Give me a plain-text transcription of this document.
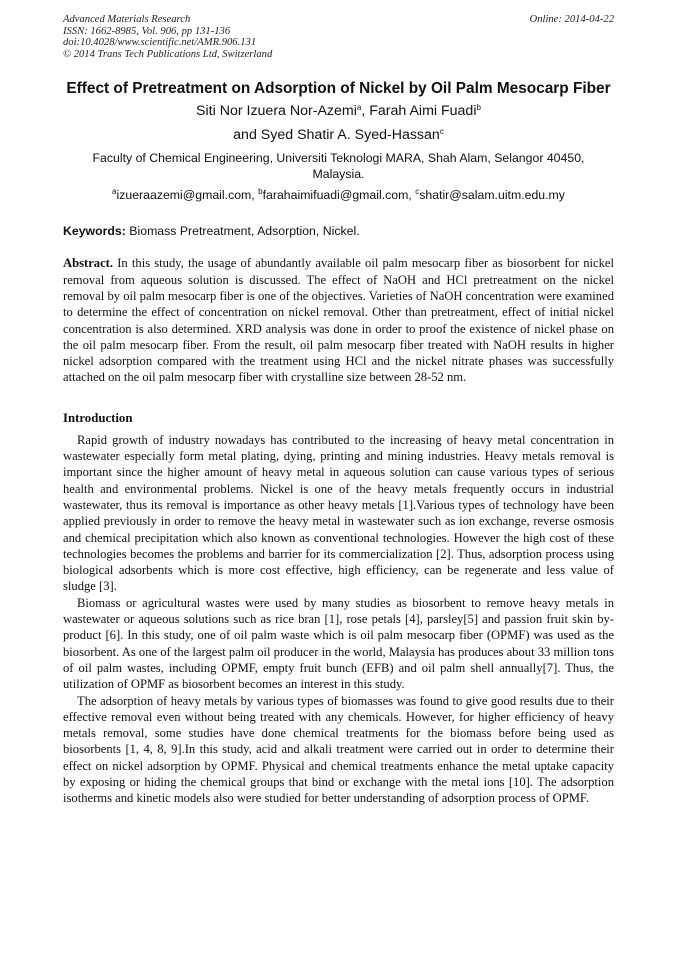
Advanced Materials Research
ISSN: 1662-8985, Vol. 906, pp 131-136
doi:10.4028/www.scientific.net/AMR.906.131
© 2014 Trans Tech Publications Ltd, Switzerland
Online: 2014-04-22
Effect of Pretreatment on Adsorption of Nickel by Oil Palm Mesocarp Fiber
Siti Nor Izuera Nor-Azemi$^a$, Farah Aimi Fuadi$^b$
and Syed Shatir A. Syed-Hassan$^c$
Faculty of Chemical Engineering, Universiti Teknologi MARA, Shah Alam, Selangor 40450, Malaysia.
$^a$izueraazemi@gmail.com, $^b$farahaimifuadi@gmail.com, $^c$shatir@salam.uitm.edu.my
Keywords: Biomass Pretreatment, Adsorption, Nickel.
Abstract. In this study, the usage of abundantly available oil palm mesocarp fiber as biosorbent for nickel removal from aqueous solution is discussed. The effect of NaOH and HCl pretreatment on the nickel removal by oil palm mesocarp fiber is one of the objectives. Varieties of NaOH concentration were examined to determine the effect of concentration on nickel removal. Other than pretreatment, effect of initial nickel concentration is also determined. XRD analysis was done in order to proof the existence of nickel phase on the oil palm mesocarp fiber. From the result, oil palm mesocarp fiber treated with NaOH results in higher nickel adsorption compared with the treatment using HCl and the nickel nitrate phases was successfully attached on the oil palm mesocarp fiber with crystalline size between 28-52 nm.
Introduction

Rapid growth of industry nowadays has contributed to the increasing of heavy metal concentration in wastewater especially form metal plating, dying, printing and mining industries. Heavy metals removal is important since the higher amount of heavy metal in aqueous solution can cause various types of serious health and environmental problems. Nickel is one of the heavy metals frequently occurs in industrial wastewater, thus its removal is importance as other heavy metals [1].Various types of technology have been applied previously in order to remove the heavy metal in wastewater such as ion exchange, reverse osmosis and chemical precipitation which also known as conventional technologies. However the high cost of these technologies becomes the problems and barrier for its commercialization [2]. Thus, adsorption process using biological adsorbents which is more cost effective, high efficiency, can be regenerate and less value of sludge [3].

Biomass or agricultural wastes were used by many studies as biosorbent to remove heavy metals in wastewater or aqueous solutions such as rice bran [1], rose petals [4], parsley[5] and passion fruit skin by-product [6]. In this study, one of oil palm waste which is oil palm mesocarp fiber (OPMF) was used as the biosorbent. As one of the largest palm oil producer in the world, Malaysia has produces about 33 million tons of oil palm wastes, including OPMF, empty fruit bunch (EFB) and oil palm shell annually[7]. Thus, the utilization of OPMF as biosorbent becomes an interest in this study.

The adsorption of heavy metals by various types of biomasses was found to give good results due to their effective removal even without being treated with any chemicals. However, for higher efficiency of heavy metals removal, some studies have done chemical treatments for the biomass before being used as biosorbents [1, 4, 8, 9].In this study, acid and alkali treatment were carried out in order to determine their effect on nickel adsorption by OPMF. Physical and chemical treatments enhance the metal uptake capacity by exposing or hiding the chemical groups that bind or exchange with the metal ions [10]. The adsorption isotherms and kinetic models also were studied for better understanding of adsorption process of OPMF.
